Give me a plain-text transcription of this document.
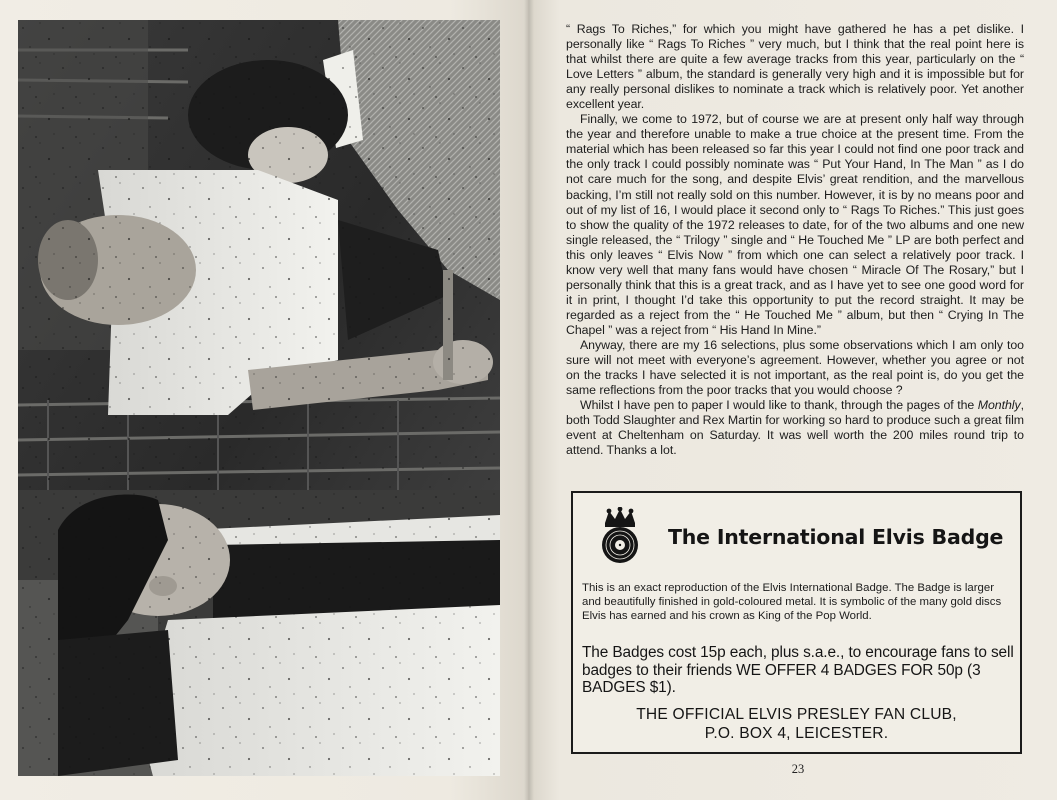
“ Rags To Riches,” for which you might have gathered he has a pet dislike. I personally like “ Rags To Riches ” very much, but I think that the real point here is that whilst there are quite a few average tracks from this year, particularly on the “ Love Letters ” album, the standard is generally very high and it is impossible but for any really personal dislikes to nominate a track which is relatively poor. Yet another excellent year.

Finally, we come to 1972, but of course we are at present only half way through the year and therefore unable to make a true choice at the present time. From the material which has been released so far this year I could not find one poor track and the only track I could possibly nominate was “ Put Your Hand, In The Man ” as I do not care much for the song, and despite Elvis’ great rendition, and the marvellous backing, I’m still not really sold on this number. However, it is by no means poor and out of my list of 16, I would place it second only to “ Rags To Riches.” This just goes to show the quality of the 1972 releases to date, for of the two albums and one new single released, the “ Trilogy ” single and “ He Touched Me ” LP are both perfect and this only leaves “ Elvis Now ” from which one can select a relatively poor track. I know very well that many fans would have chosen “ Miracle Of The Rosary,” but I personally think that this is a great track, and as I have yet to see one good word for it in print, I thought I’d take this opportunity to put the record straight. It may be regarded as a reject from the “ He Touched Me ” album, but then “ Crying In The Chapel ” was a reject from “ His Hand In Mine.”

Anyway, there are my 16 selections, plus some observations which I am only too sure will not meet with everyone’s agreement. However, whether you agree or not on the tracks I have selected it is not important, as the real point is, do you get the same reflections from the poor tracks that you would choose ?

Whilst I have pen to paper I would like to thank, through the pages of the Monthly, both Todd Slaughter and Rex Martin for working so hard to produce such a great film event at Cheltenham on Saturday. It was well worth the 200 miles round trip to attend. Thanks a lot.

The International Elvis Badge
This is an exact reproduction of the Elvis International Badge. The Badge is larger and beautifully finished in gold-coloured metal. It is symbolic of the many gold discs Elvis has earned and his crown as King of the Pop World.
The Badges cost 15p each, plus s.a.e., to encourage fans to sell badges to their friends WE OFFER 4 BADGES FOR 50p (3 BADGES $1).
THE OFFICIAL ELVIS PRESLEY FAN CLUB,
P.O. BOX 4, LEICESTER.
23
